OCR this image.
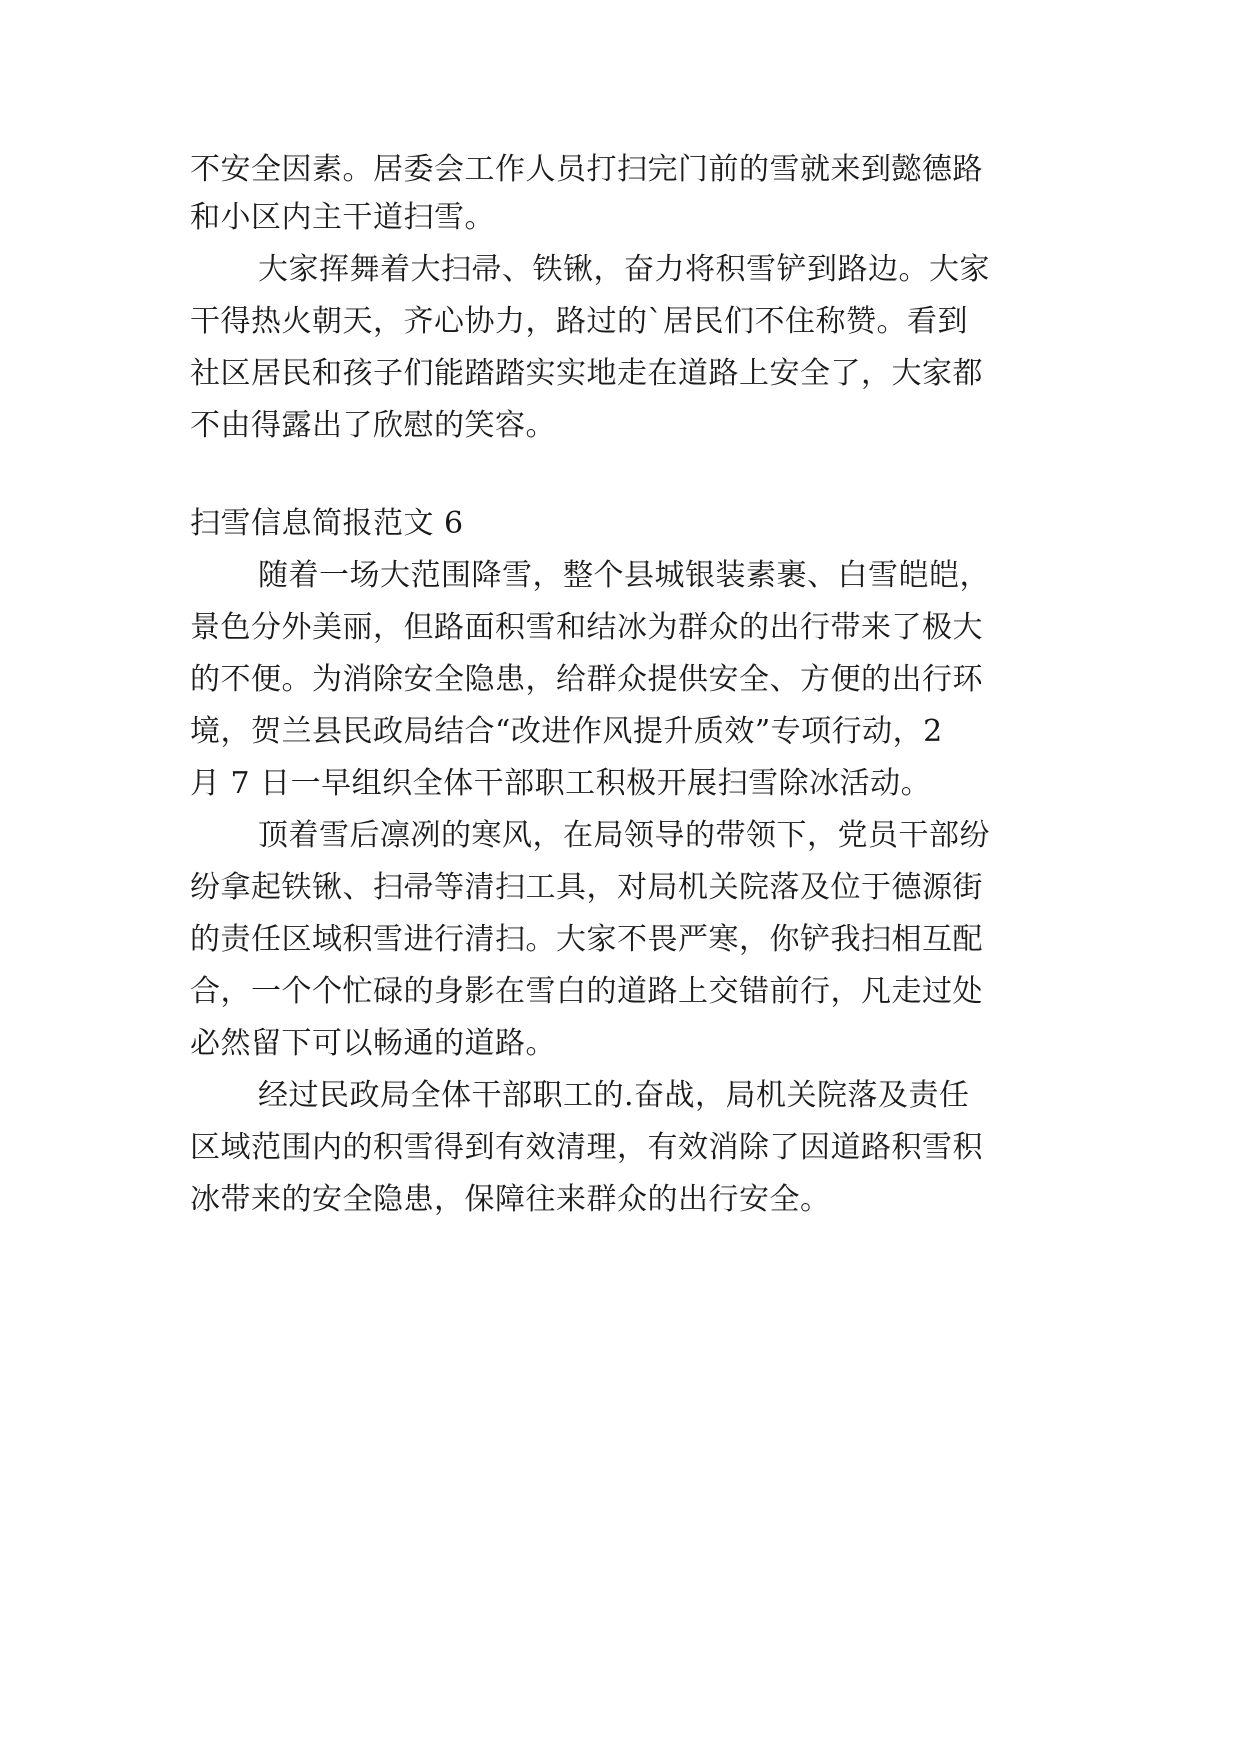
不安全因素。居委会工作人员打扫完门前的雪就来到懿德路

和小区内主干道扫雪。

大家挥舞着大扫帚、铁锹，奋力将积雪铲到路边。大家

干得热火朝天，齐心协力，路过的`居民们不住称赞。看到

社区居民和孩子们能踏踏实实地走在道路上安全了，大家都

不由得露出了欣慰的笑容。

扫雪信息简报范文 6

随着一场大范围降雪，整个县城银装素裹、白雪皑皑，

景色分外美丽，但路面积雪和结冰为群众的出行带来了极大

的不便。为消除安全隐患，给群众提供安全、方便的出行环

境，贺兰县民政局结合“改进作风提升质效”专项行动，2

月 7 日一早组织全体干部职工积极开展扫雪除冰活动。

顶着雪后凛冽的寒风，在局领导的带领下，党员干部纷

纷拿起铁锹、扫帚等清扫工具，对局机关院落及位于德源街

的责任区域积雪进行清扫。大家不畏严寒，你铲我扫相互配

合，一个个忙碌的身影在雪白的道路上交错前行，凡走过处

必然留下可以畅通的道路。

经过民政局全体干部职工的.奋战，局机关院落及责任

区域范围内的积雪得到有效清理，有效消除了因道路积雪积

冰带来的安全隐患，保障往来群众的出行安全。
